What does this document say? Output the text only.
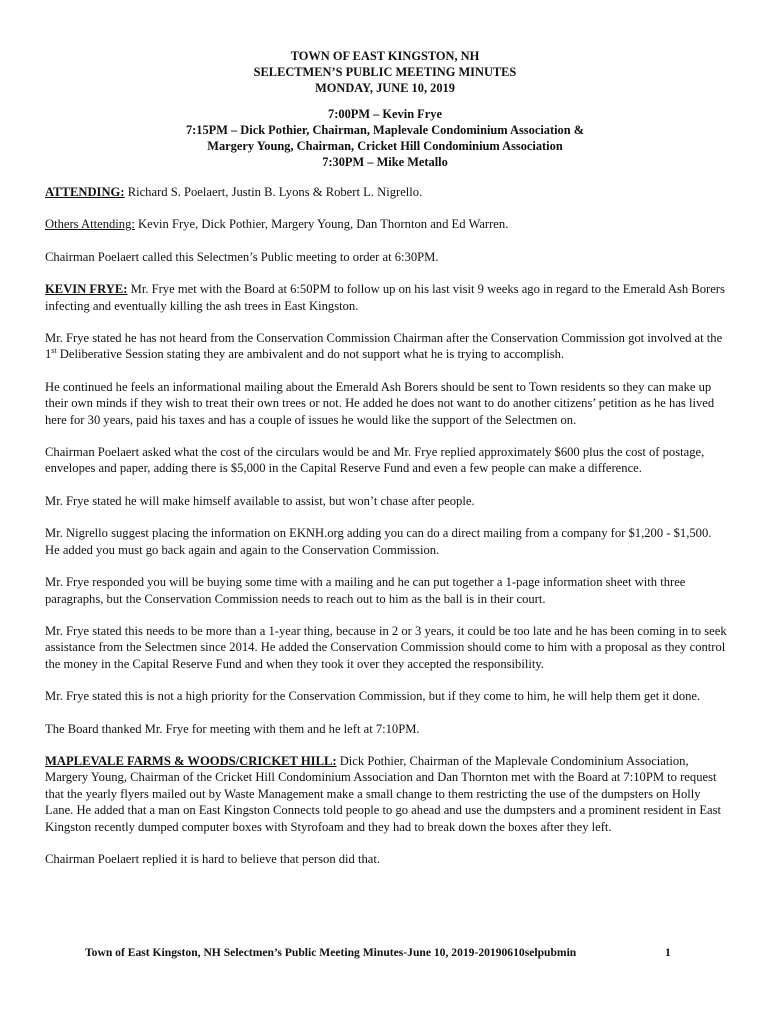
TOWN OF EAST KINGSTON, NH
SELECTMEN’S PUBLIC MEETING MINUTES
MONDAY, JUNE 10, 2019
7:00PM – Kevin Frye
7:15PM – Dick Pothier, Chairman, Maplevale Condominium Association &
Margery Young, Chairman, Cricket Hill Condominium Association
7:30PM – Mike Metallo

ATTENDING: Richard S. Poelaert, Justin B. Lyons & Robert L. Nigrello.

Others Attending: Kevin Frye, Dick Pothier, Margery Young, Dan Thornton and Ed Warren.

Chairman Poelaert called this Selectmen’s Public meeting to order at 6:30PM.

KEVIN FRYE: Mr. Frye met with the Board at 6:50PM to follow up on his last visit 9 weeks ago in regard to the Emerald Ash Borers infecting and eventually killing the ash trees in East Kingston.

Mr. Frye stated he has not heard from the Conservation Commission Chairman after the Conservation Commission got involved at the 1st Deliberative Session stating they are ambivalent and do not support what he is trying to accomplish.

He continued he feels an informational mailing about the Emerald Ash Borers should be sent to Town residents so they can make up their own minds if they wish to treat their own trees or not. He added he does not want to do another citizens’ petition as he has lived here for 30 years, paid his taxes and has a couple of issues he would like the support of the Selectmen on.

Chairman Poelaert asked what the cost of the circulars would be and Mr. Frye replied approximately $600 plus the cost of postage, envelopes and paper, adding there is $5,000 in the Capital Reserve Fund and even a few people can make a difference.

Mr. Frye stated he will make himself available to assist, but won’t chase after people.

Mr. Nigrello suggest placing the information on EKNH.org adding you can do a direct mailing from a company for $1,200 - $1,500. He added you must go back again and again to the Conservation Commission.

Mr. Frye responded you will be buying some time with a mailing and he can put together a 1-page information sheet with three paragraphs, but the Conservation Commission needs to reach out to him as the ball is in their court.

Mr. Frye stated this needs to be more than a 1-year thing, because in 2 or 3 years, it could be too late and he has been coming in to seek assistance from the Selectmen since 2014. He added the Conservation Commission should come to him with a proposal as they control the money in the Capital Reserve Fund and when they took it over they accepted the responsibility.

Mr. Frye stated this is not a high priority for the Conservation Commission, but if they come to him, he will help them get it done.

The Board thanked Mr. Frye for meeting with them and he left at 7:10PM.

MAPLEVALE FARMS & WOODS/CRICKET HILL: Dick Pothier, Chairman of the Maplevale Condominium Association, Margery Young, Chairman of the Cricket Hill Condominium Association and Dan Thornton met with the Board at 7:10PM to request that the yearly flyers mailed out by Waste Management make a small change to them restricting the use of the dumpsters on Holly Lane. He added that a man on East Kingston Connects told people to go ahead and use the dumpsters and a prominent resident in East Kingston recently dumped computer boxes with Styrofoam and they had to break down the boxes after they left.

Chairman Poelaert replied it is hard to believe that person did that.

Town of East Kingston, NH Selectmen’s Public Meeting Minutes-June 10, 2019-20190610selpubmin	1
